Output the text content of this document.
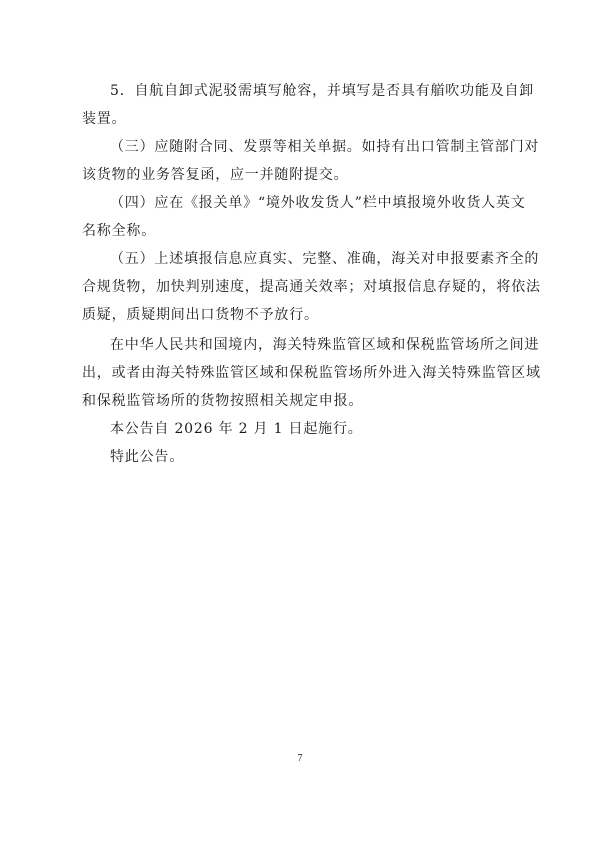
5．自航自卸式泥驳需填写舱容，并填写是否具有艏吹功能及自卸
装置。

（三）应随附合同、发票等相关单据。如持有出口管制主管部门对
该货物的业务答复函，应一并随附提交。

（四）应在《报关单》“境外收发货人”栏中填报境外收货人英文
名称全称。

（五）上述填报信息应真实、完整、准确，海关对申报要素齐全的
合规货物，加快判别速度，提高通关效率；对填报信息存疑的，将依法
质疑，质疑期间出口货物不予放行。

在中华人民共和国境内，海关特殊监管区域和保税监管场所之间进
出，或者由海关特殊监管区域和保税监管场所外进入海关特殊监管区域
和保税监管场所的货物按照相关规定申报。

本公告自 2026 年 2 月 1 日起施行。

特此公告。

7
